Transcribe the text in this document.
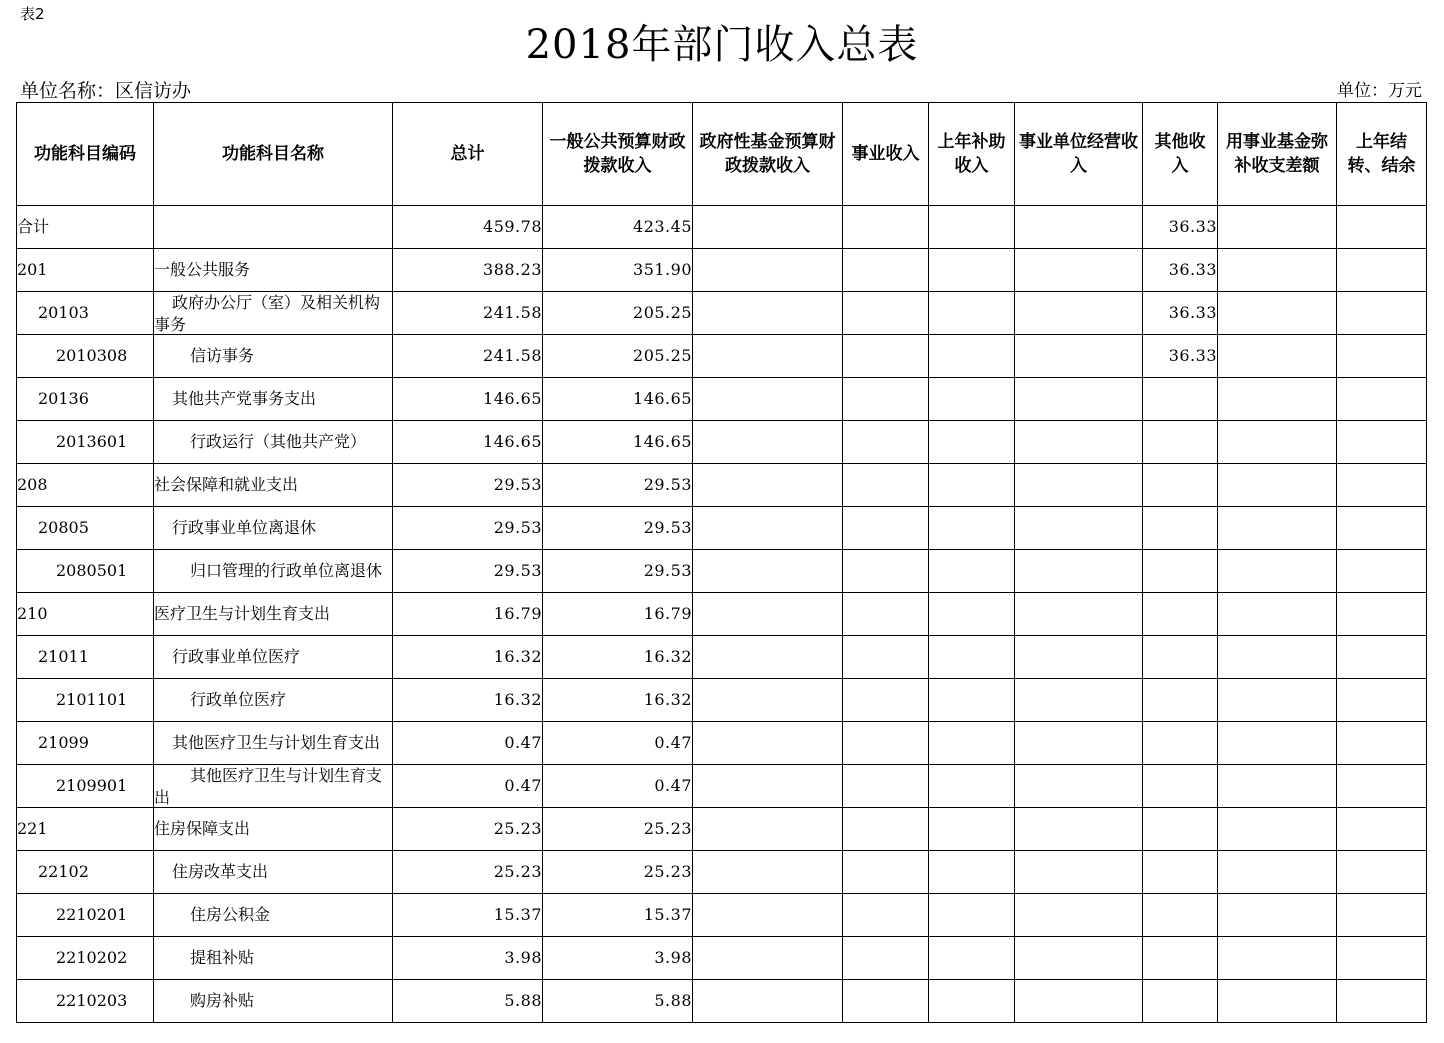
表2
2018年部门收入总表
单位名称：区信访办	单位：万元
功能科目编码	功能科目名称	总计	一般公共预算财政拨款收入	政府性基金预算财政拨款收入	事业收入	上年补助收入	事业单位经营收入	其他收入	用事业基金弥补收支差额	上年结转、结余
合计		459.78	423.45					36.33		
201	一般公共服务	388.23	351.90					36.33		
20103	政府办公厅（室）及相关机构事务	241.58	205.25					36.33		
2010308	信访事务	241.58	205.25					36.33		
20136	其他共产党事务支出	146.65	146.65							
2013601	行政运行（其他共产党）	146.65	146.65							
208	社会保障和就业支出	29.53	29.53							
20805	行政事业单位离退休	29.53	29.53							
2080501	归口管理的行政单位离退休	29.53	29.53							
210	医疗卫生与计划生育支出	16.79	16.79							
21011	行政事业单位医疗	16.32	16.32							
2101101	行政单位医疗	16.32	16.32							
21099	其他医疗卫生与计划生育支出	0.47	0.47							
2109901	其他医疗卫生与计划生育支出	0.47	0.47							
221	住房保障支出	25.23	25.23							
22102	住房改革支出	25.23	25.23							
2210201	住房公积金	15.37	15.37							
2210202	提租补贴	3.98	3.98							
2210203	购房补贴	5.88	5.88							
